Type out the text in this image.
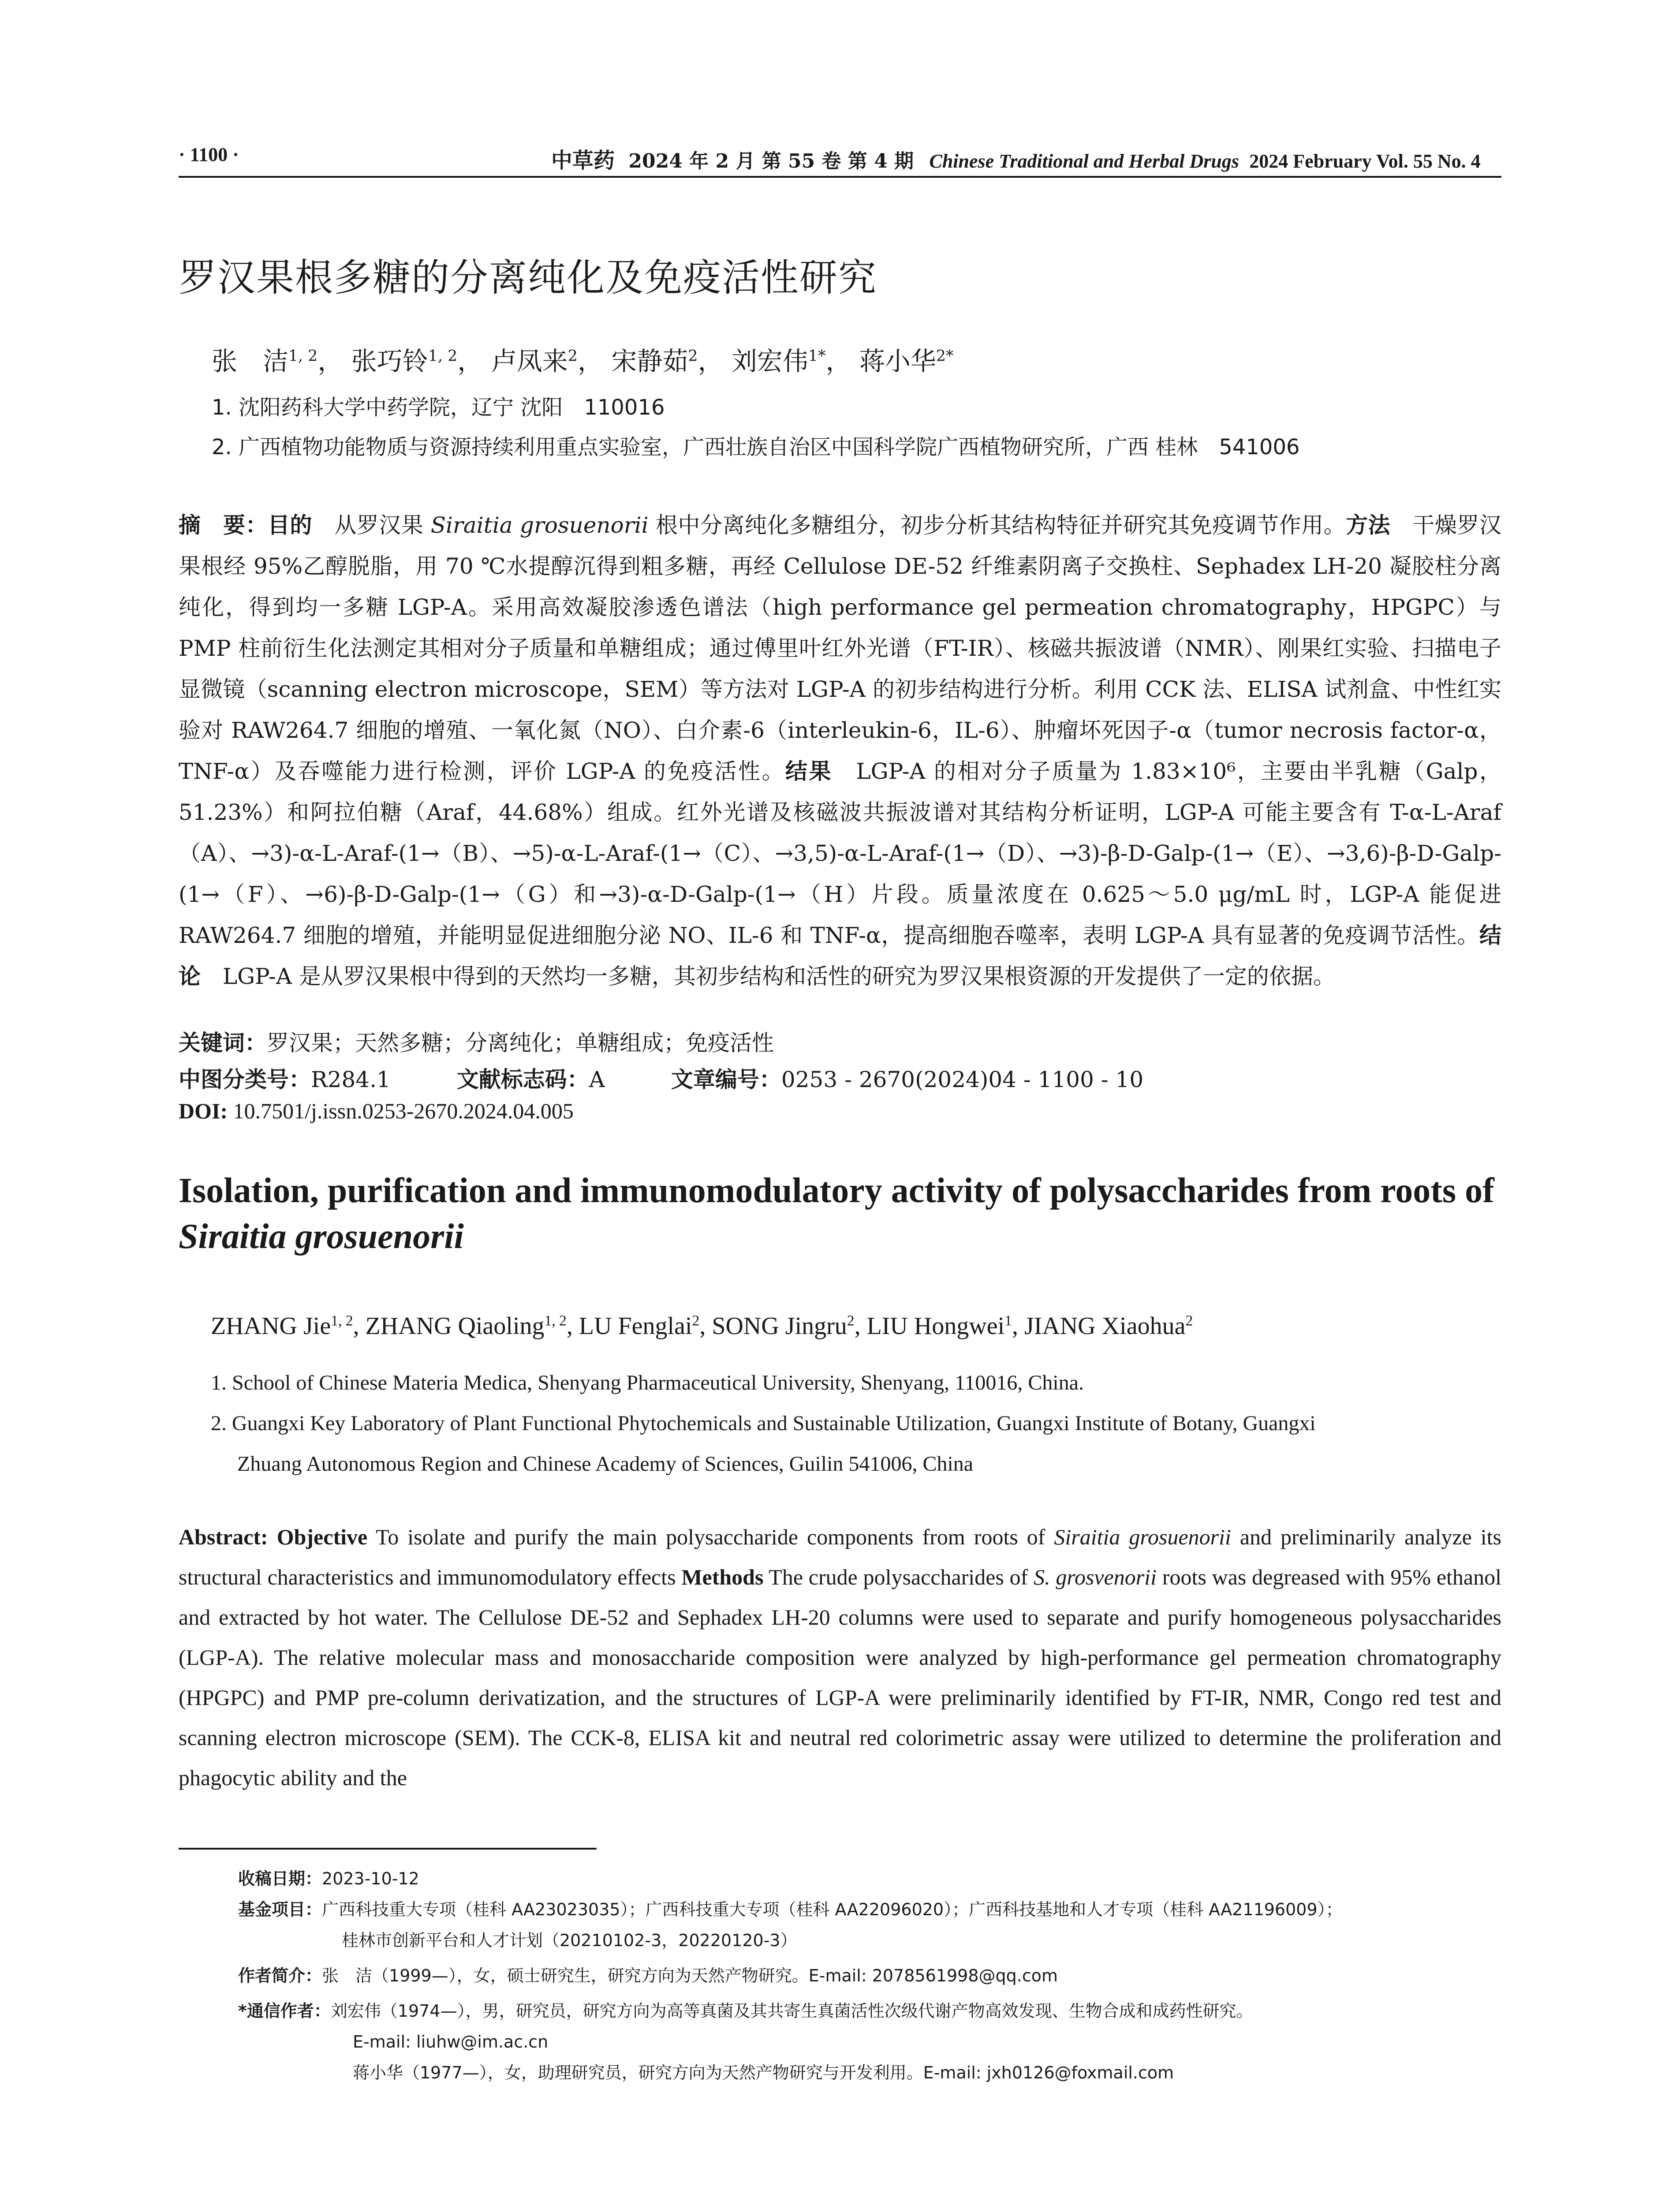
· 1100 ·	中草药 2024 年 2 月 第 55 卷 第 4 期 Chinese Traditional and Herbal Drugs 2024 February Vol. 55 No. 4
罗汉果根多糖的分离纯化及免疫活性研究
张　洁$^{1, 2}$， 张巧铃$^{1, 2}$， 卢凤来$^2$， 宋静茹$^2$， 刘宏伟$^{1*}$， 蒋小华$^{2*}$
1. 沈阳药科大学中药学院，辽宁 沈阳　110016
2. 广西植物功能物质与资源持续利用重点实验室，广西壮族自治区中国科学院广西植物研究所，广西 桂林　541006
摘　要：目的　从罗汉果 Siraitia grosuenorii 根中分离纯化多糖组分，初步分析其结构特征并研究其免疫调节作用。方法　干燥罗汉果根经 95%乙醇脱脂，用 70 ℃水提醇沉得到粗多糖，再经 Cellulose DE-52 纤维素阴离子交换柱、Sephadex LH-20 凝胶柱分离纯化，得到均一多糖 LGP-A。采用高效凝胶渗透色谱法（high performance gel permeation chromatography，HPGPC）与 PMP 柱前衍生化法测定其相对分子质量和单糖组成；通过傅里叶红外光谱（FT-IR）、核磁共振波谱（NMR）、刚果红实验、扫描电子显微镜（scanning electron microscope，SEM）等方法对 LGP-A 的初步结构进行分析。利用 CCK 法、ELISA 试剂盒、中性红实验对 RAW264.7 细胞的增殖、一氧化氮（NO）、白介素-6（interleukin-6，IL-6）、肿瘤坏死因子-α（tumor necrosis factor-α，TNF-α）及吞噬能力进行检测，评价 LGP-A 的免疫活性。结果　LGP-A 的相对分子质量为 1.83×10⁶，主要由半乳糖（Galp，51.23%）和阿拉伯糖（Araf，44.68%）组成。红外光谱及核磁波共振波谱对其结构分析证明，LGP-A 可能主要含有 T-α-L-Araf（A）、→3)-α-L-Araf-(1→（B）、→5)-α-L-Araf-(1→（C）、→3,5)-α-L-Araf-(1→（D）、→3)-β-D-Galp-(1→（E）、→3,6)-β-D-Galp-(1→（F）、→6)-β-D-Galp-(1→（G）和→3)-α-D-Galp-(1→（H）片段。质量浓度在 0.625～5.0 μg/mL 时，LGP-A 能促进 RAW264.7 细胞的增殖，并能明显促进细胞分泌 NO、IL-6 和 TNF-α，提高细胞吞噬率，表明 LGP-A 具有显著的免疫调节活性。结论　LGP-A 是从罗汉果根中得到的天然均一多糖，其初步结构和活性的研究为罗汉果根资源的开发提供了一定的依据。
关键词：罗汉果；天然多糖；分离纯化；单糖组成；免疫活性
中图分类号：R284.1	文献标志码：A	文章编号：0253 - 2670(2024)04 - 1100 - 10
DOI: 10.7501/j.issn.0253-2670.2024.04.005
Isolation, purification and immunomodulatory activity of polysaccharides from roots of Siraitia grosuenorii
ZHANG Jie$^{1, 2}$, ZHANG Qiaoling$^{1, 2}$, LU Fenglai$^2$, SONG Jingru$^2$, LIU Hongwei$^1$, JIANG Xiaohua$^2$
1. School of Chinese Materia Medica, Shenyang Pharmaceutical University, Shenyang, 110016, China.
2. Guangxi Key Laboratory of Plant Functional Phytochemicals and Sustainable Utilization, Guangxi Institute of Botany, Guangxi
Zhuang Autonomous Region and Chinese Academy of Sciences, Guilin 541006, China
Abstract: Objective To isolate and purify the main polysaccharide components from roots of Siraitia grosuenorii and preliminarily analyze its structural characteristics and immunomodulatory effects Methods The crude polysaccharides of S. grosvenorii roots was degreased with 95% ethanol and extracted by hot water. The Cellulose DE-52 and Sephadex LH-20 columns were used to separate and purify homogeneous polysaccharides (LGP-A). The relative molecular mass and monosaccharide composition were analyzed by high-performance gel permeation chromatography (HPGPC) and PMP pre-column derivatization, and the structures of LGP-A were preliminarily identified by FT-IR, NMR, Congo red test and scanning electron microscope (SEM). The CCK-8, ELISA kit and neutral red colorimetric assay were utilized to determine the proliferation and phagocytic ability and the
收稿日期：2023-10-12
基金项目：广西科技重大专项（桂科 AA23023035）；广西科技重大专项（桂科 AA22096020）；广西科技基地和人才专项（桂科 AA21196009）；
桂林市创新平台和人才计划（20210102-3，20220120-3）
作者简介：张　洁（1999—），女，硕士研究生，研究方向为天然产物研究。E-mail: 2078561998@qq.com
*通信作者：刘宏伟（1974—），男，研究员，研究方向为高等真菌及其共寄生真菌活性次级代谢产物高效发现、生物合成和成药性研究。
E-mail: liuhw@im.ac.cn
蒋小华（1977—），女，助理研究员，研究方向为天然产物研究与开发利用。E-mail: jxh0126@foxmail.com
